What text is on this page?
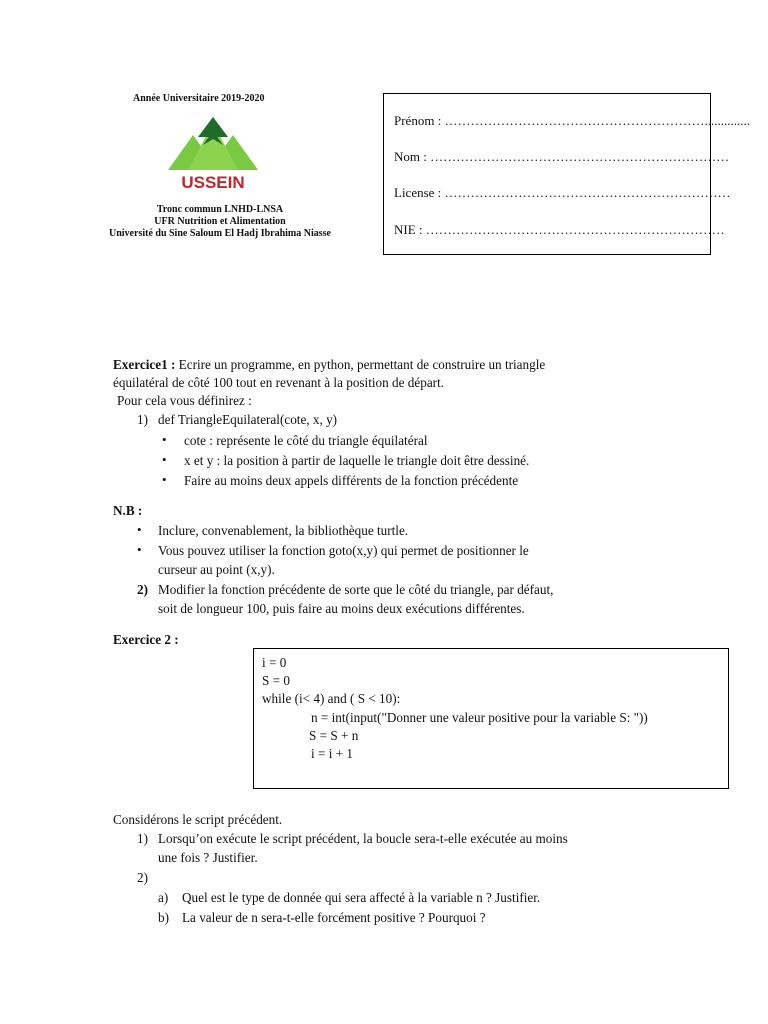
Année Universitaire 2019-2020
USSEIN
Tronc commun LNHD-LNSA
UFR Nutrition et Alimentation
Université du Sine Saloum El Hadj Ibrahima Niasse
Prénom : ……………………………………………………..............
Nom : ……………………………………………………………
License : …………………………………………………………
NIE : ……………………………………………………………
Exercice1 : Ecrire un programme, en python, permettant de construire un triangle
équilatéral de côté 100 tout en revenant à la position de départ.
Pour cela vous définirez :
1) def TriangleEquilateral(cote, x, y)
• cote : représente le côté du triangle équilatéral
• x et y : la position à partir de laquelle le triangle doit être dessiné.
• Faire au moins deux appels différents de la fonction précédente
N.B :
• Inclure, convenablement, la bibliothèque turtle.
• Vous pouvez utiliser la fonction goto(x,y) qui permet de positionner le
curseur au point (x,y).
2) Modifier la fonction précédente de sorte que le côté du triangle, par défaut,
soit de longueur 100, puis faire au moins deux exécutions différentes.
Exercice 2 :
i = 0
S = 0
while (i< 4) and ( S < 10):
n = int(input("Donner une valeur positive pour la variable S: "))
S = S + n
i = i + 1
Considérons le script précédent.
1) Lorsqu’on exécute le script précédent, la boucle sera-t-elle exécutée au moins
une fois ? Justifier.
2)
a) Quel est le type de donnée qui sera affecté à la variable n ? Justifier.
b) La valeur de n sera-t-elle forcément positive ? Pourquoi ?
